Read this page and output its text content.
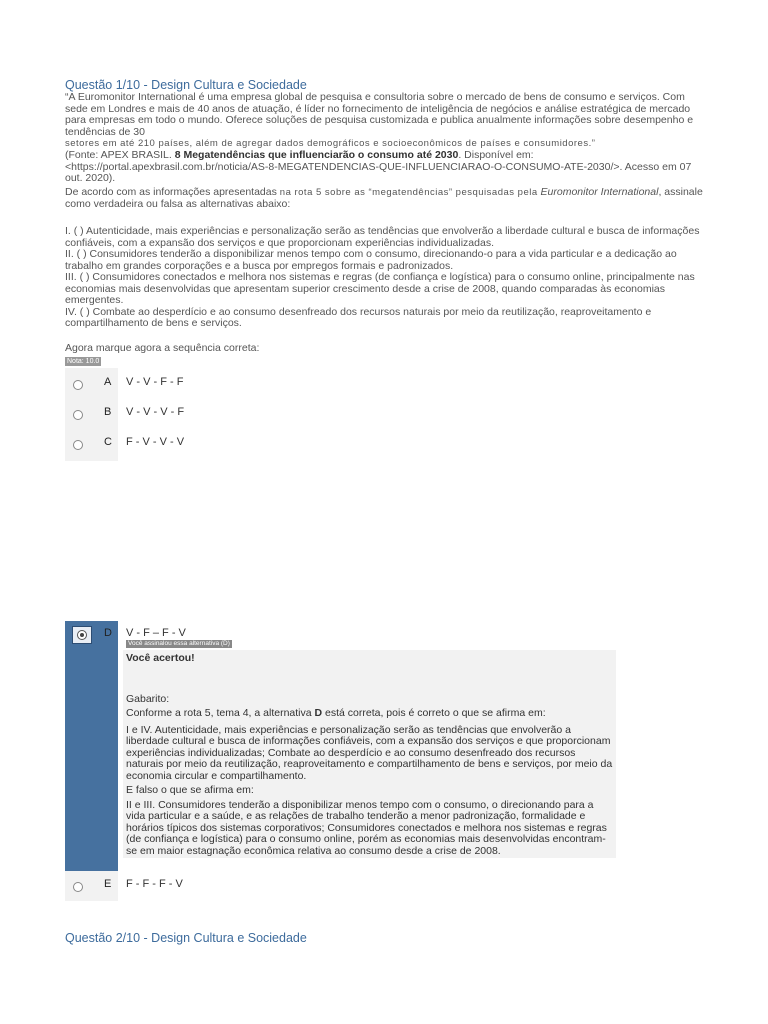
Questão 1/10 - Design Cultura e Sociedade

“A Euromonitor International é uma empresa global de pesquisa e consultoria sobre o mercado de bens de consumo e serviços. Com sede em Londres e mais de 40 anos de atuação, é líder no fornecimento de inteligência de negócios e análise estratégica de mercado para empresas em todo o mundo. Oferece soluções de pesquisa customizada e publica anualmente informações sobre desempenho e tendências de 30

setores em até 210 países, além de agregar dados demográficos e socioeconômicos de países e consumidores.”

(Fonte: APEX BRASIL. 8 Megatendências que influenciarão o consumo até 2030. Disponível em: <https://portal.apexbrasil.com.br/noticia/AS-8-MEGATENDENCIAS-QUE-INFLUENCIARAO-O-CONSUMO-ATE-2030/>. Acesso em 07 out. 2020).
De acordo com as informações apresentadas na rota 5 sobre as “megatendências” pesquisadas pela Euromonitor International, assinale como verdadeira ou falsa as alternativas abaixo:

I. ( ) Autenticidade, mais experiências e personalização serão as tendências que envolverão a liberdade cultural e busca de informações confiáveis, com a expansão dos serviços e que proporcionam experiências individualizadas.

II. ( ) Consumidores tenderão a disponibilizar menos tempo com o consumo, direcionando-o para a vida particular e a dedicação ao trabalho em grandes corporações e a busca por empregos formais e padronizados.

III. ( ) Consumidores conectados e melhora nos sistemas e regras (de confiança e logística) para o consumo online, principalmente nas economias mais desenvolvidas que apresentam superior crescimento desde a crise de 2008, quando comparadas às economias emergentes.

IV. ( ) Combate ao desperdício e ao consumo desenfreado dos recursos naturais por meio da reutilização, reaproveitamento e compartilhamento de bens e serviços.

Agora marque agora a sequência correta:
Nota: 10.0
A V - V - F - F
B V - V - V - F
C F - V - V - V
D V - F – F - V
Você assinalou essa alternativa (D)

Você acertou!

Gabarito:

Conforme a rota 5, tema 4, a alternativa D está correta, pois é correto o que se afirma em:

I e IV. Autenticidade, mais experiências e personalização serão as tendências que envolverão a liberdade cultural e busca de informações confiáveis, com a expansão dos serviços e que proporcionam experiências individualizadas; Combate ao desperdício e ao consumo desenfreado dos recursos naturais por meio da reutilização, reaproveitamento e compartilhamento de bens e serviços, por meio da economia circular e compartilhamento.

E falso o que se afirma em:

II e III. Consumidores tenderão a disponibilizar menos tempo com o consumo, o direcionando para a vida particular e a saúde, e as relações de trabalho tenderão a menor padronização, formalidade e horários típicos dos sistemas corporativos; Consumidores conectados e melhora nos sistemas e regras (de confiança e logística) para o consumo online, porém as economias mais desenvolvidas encontram-se em maior estagnação econômica relativa ao consumo desde a crise de 2008.

E F - F - F - V
Questão 2/10 - Design Cultura e Sociedade
